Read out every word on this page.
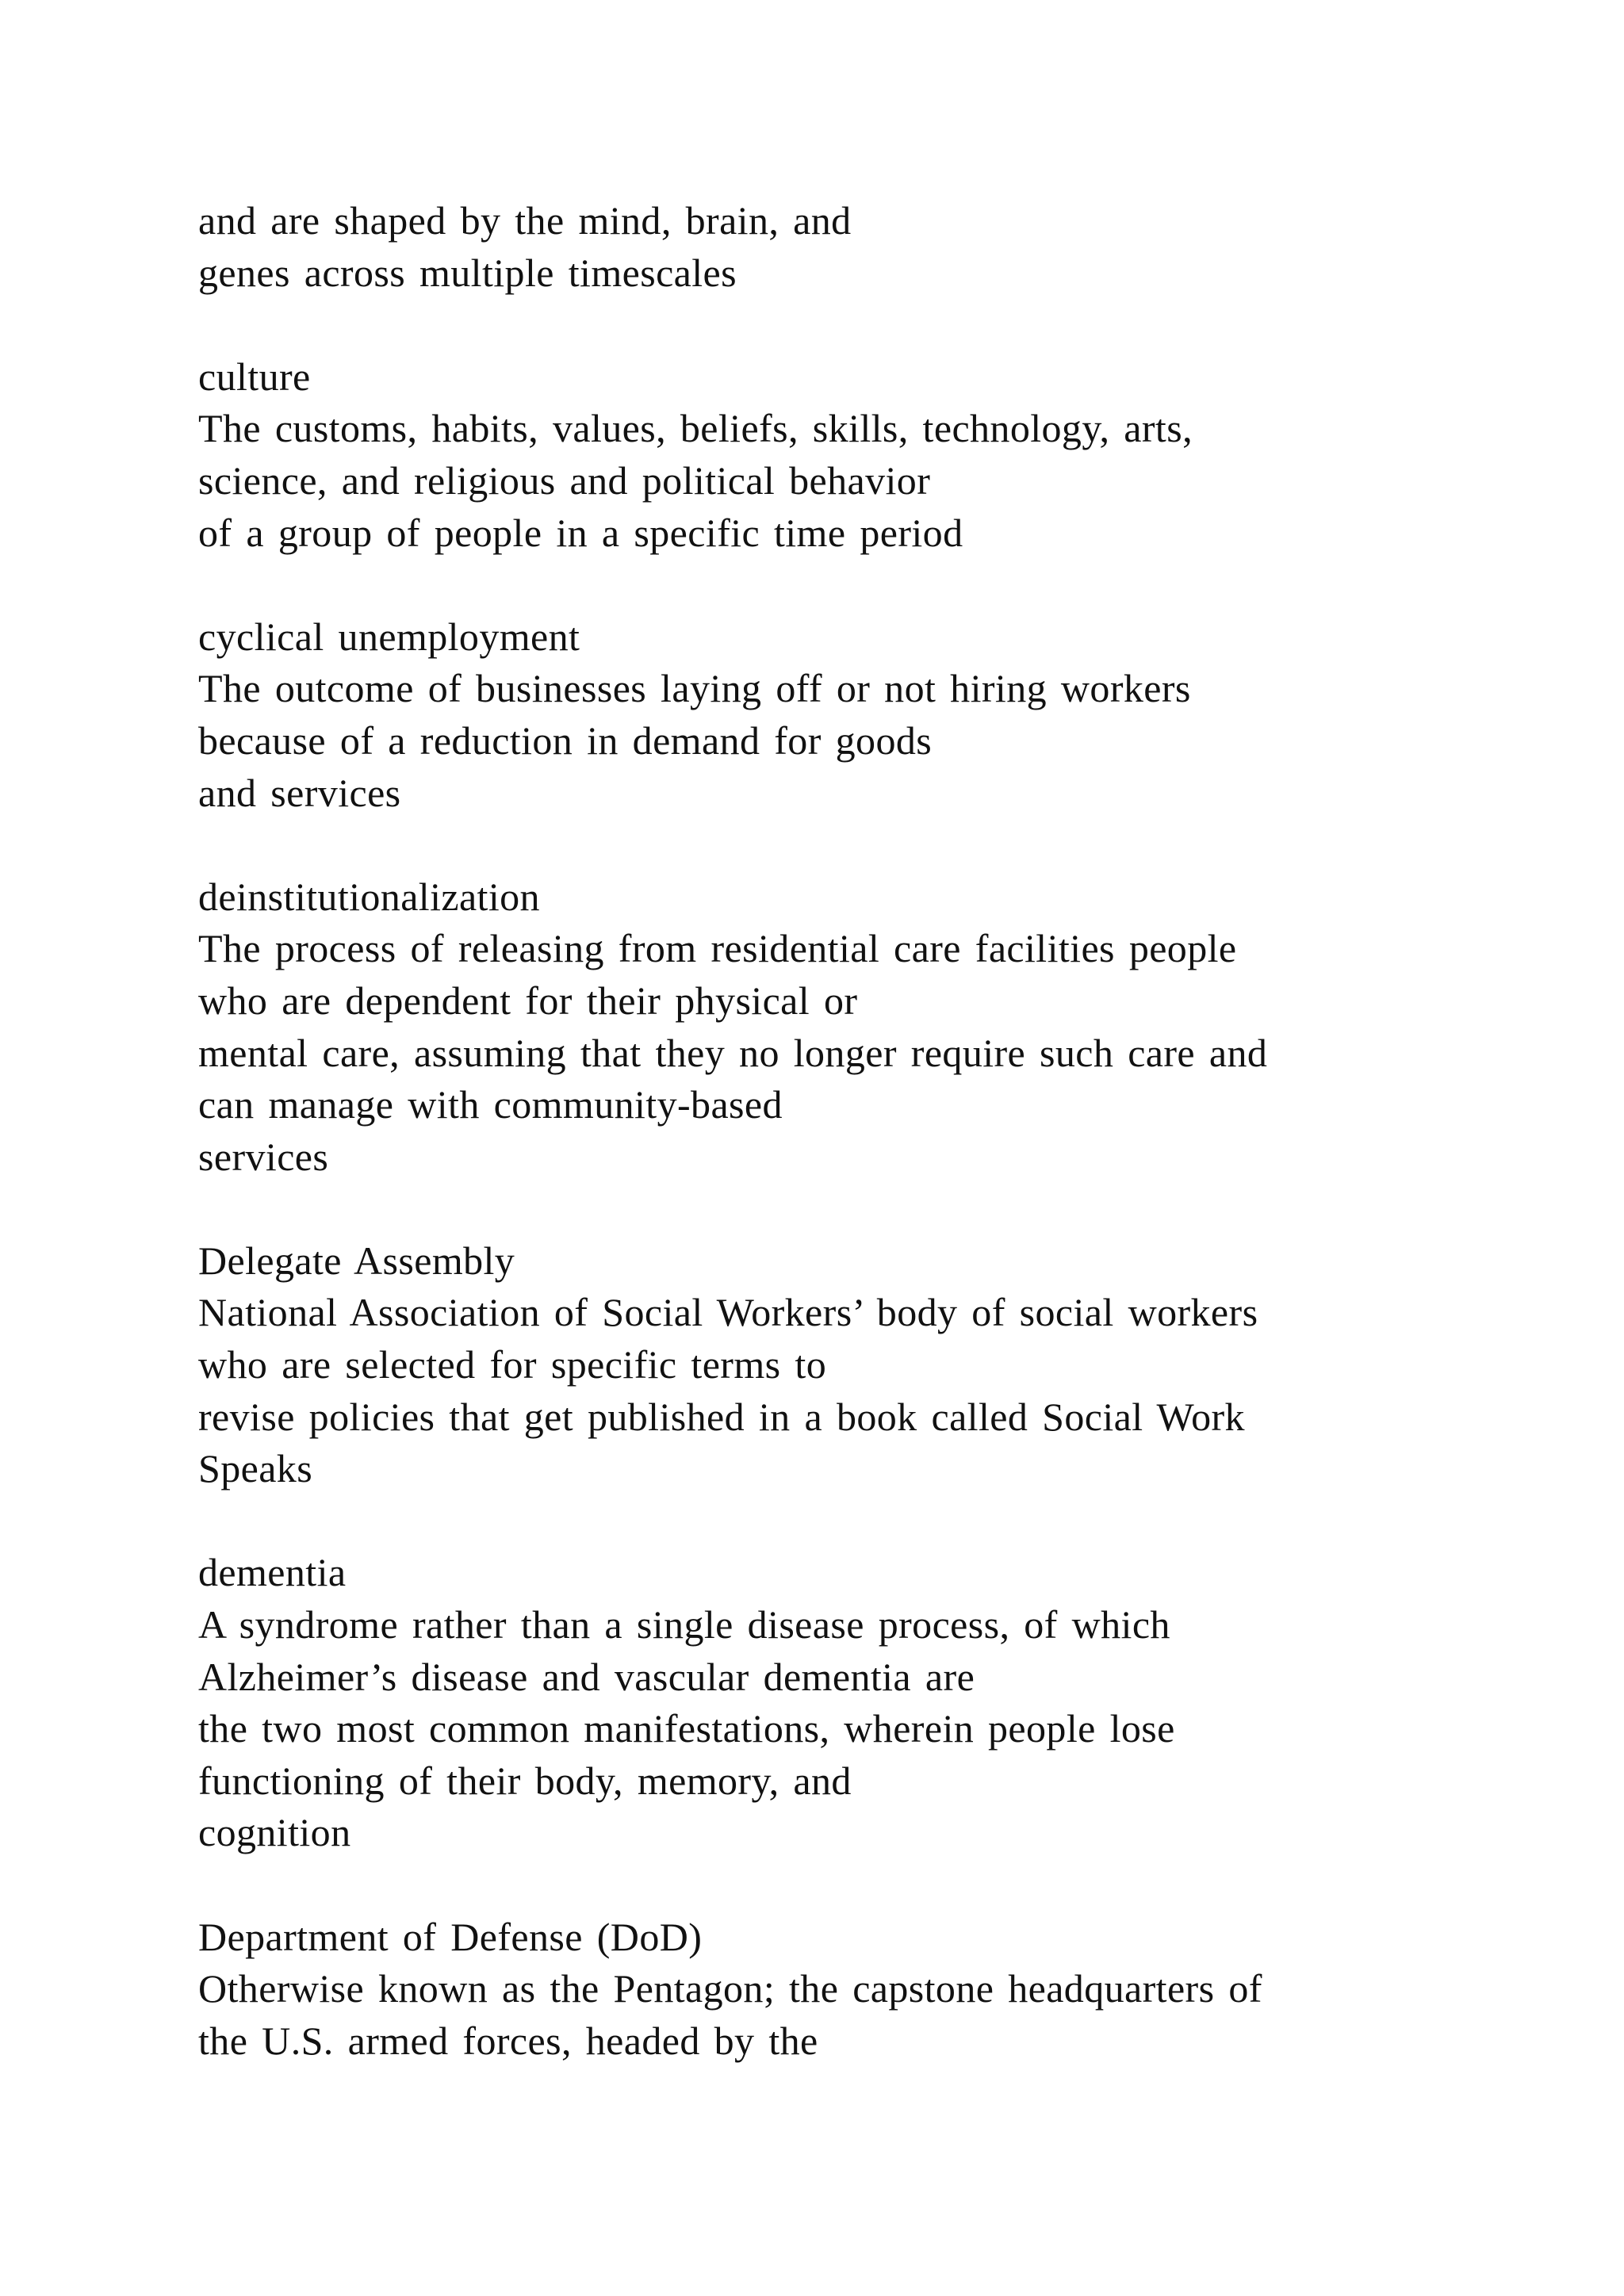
and are shaped by the mind, brain, and
genes across multiple timescales
culture
The customs, habits, values, beliefs, skills, technology, arts,
science, and religious and political behavior
of a group of people in a specific time period
cyclical unemployment
The outcome of businesses laying off or not hiring workers
because of a reduction in demand for goods
and services
deinstitutionalization
The process of releasing from residential care facilities people
who are dependent for their physical or
mental care, assuming that they no longer require such care and
can manage with community-based
services
Delegate Assembly
National Association of Social Workers’ body of social workers
who are selected for specific terms to
revise policies that get published in a book called Social Work
Speaks
dementia
A syndrome rather than a single disease process, of which
Alzheimer’s disease and vascular dementia are
the two most common manifestations, wherein people lose
functioning of their body, memory, and
cognition
Department of Defense (DoD)
Otherwise known as the Pentagon; the capstone headquarters of
the U.S. armed forces, headed by the
